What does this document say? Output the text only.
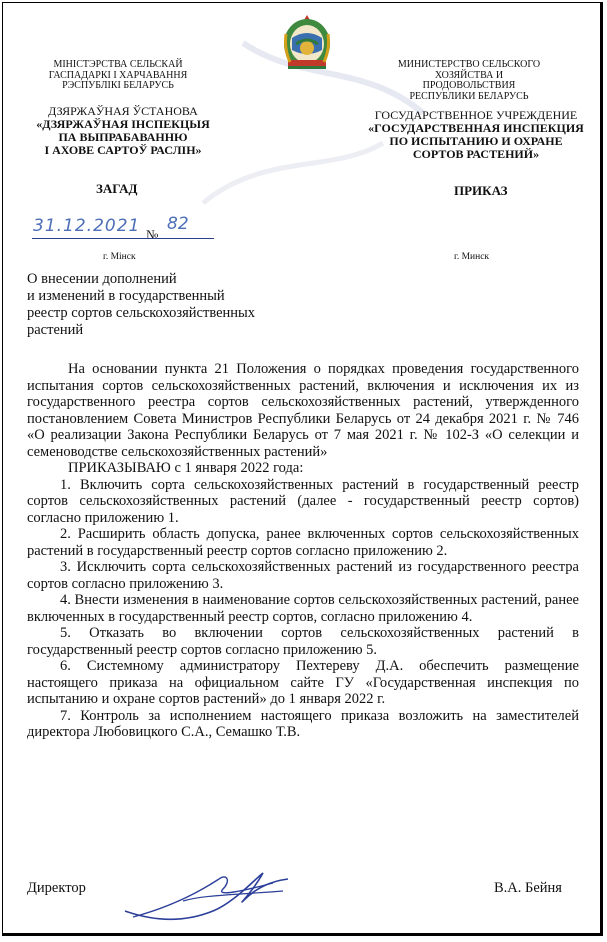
МІНІСТЭРСТВА СЕЛЬСКАЙ
ГАСПАДАРКІ І ХАРЧАВАННЯ
РЭСПУБЛІКІ БЕЛАРУСЬ
МИНИСТЕРСТВО СЕЛЬСКОГО
ХОЗЯЙСТВА И ПРОДОВОЛЬСТВИЯ
РЕСПУБЛИКИ БЕЛАРУСЬ
ДЗЯРЖАЎНАЯ ЎСТАНОВА
«ДЗЯРЖАЎНАЯ ІНСПЕКЦЫЯ
ПА ВЫПРАБАВАННЮ
І АХОВЕ САРТОЎ РАСЛІН»
ГОСУДАРСТВЕННОЕ УЧРЕЖДЕНИЕ
«ГОСУДАРСТВЕННАЯ ИНСПЕКЦИЯ
ПО ИСПЫТАНИЮ И ОХРАНЕ
СОРТОВ РАСТЕНИЙ»
ЗАГАД	ПРИКАЗ
31.12.2021 №
82
г. Мінск	г. Минск
О внесении дополнений
и изменений в государственный
реестр сортов сельскохозяйственных
растений

На основании пункта 21 Положения о порядках проведения государственного испытания сортов сельскохозяйственных растений, включения и исключения их из государственного реестра сортов сельскохозяйственных растений, утвержденного постановлением Совета Министров Республики Беларусь от 24 декабря 2021 г. № 746 «О реализации Закона Республики Беларусь от 7 мая 2021 г. № 102-З «О селекции и семеноводстве сельскохозяйственных растений»

ПРИКАЗЫВАЮ с 1 января 2022 года:

1. Включить сорта сельскохозяйственных растений в государственный реестр сортов сельскохозяйственных растений (далее - государственный реестр сортов) согласно приложению 1.

2. Расширить область допуска, ранее включенных сортов сельскохозяйственных растений в государственный реестр сортов согласно приложению 2.

3. Исключить сорта сельскохозяйственных растений из государственного реестра сортов согласно приложению 3.

4. Внести изменения в наименование сортов сельскохозяйственных растений, ранее включенных в государственный реестр сортов, согласно приложению 4.

5. Отказать во включении сортов сельскохозяйственных растений в государственный реестр сортов согласно приложению 5.

6. Системному администратору Пехтереву Д.А. обеспечить размещение настоящего приказа на официальном сайте ГУ «Государственная инспекция по испытанию и охране сортов растений» до 1 января 2022 г.

7. Контроль за исполнением настоящего приказа возложить на заместителей директора Любовицкого С.А., Семашко Т.В.

Директор	В.А. Бейня
